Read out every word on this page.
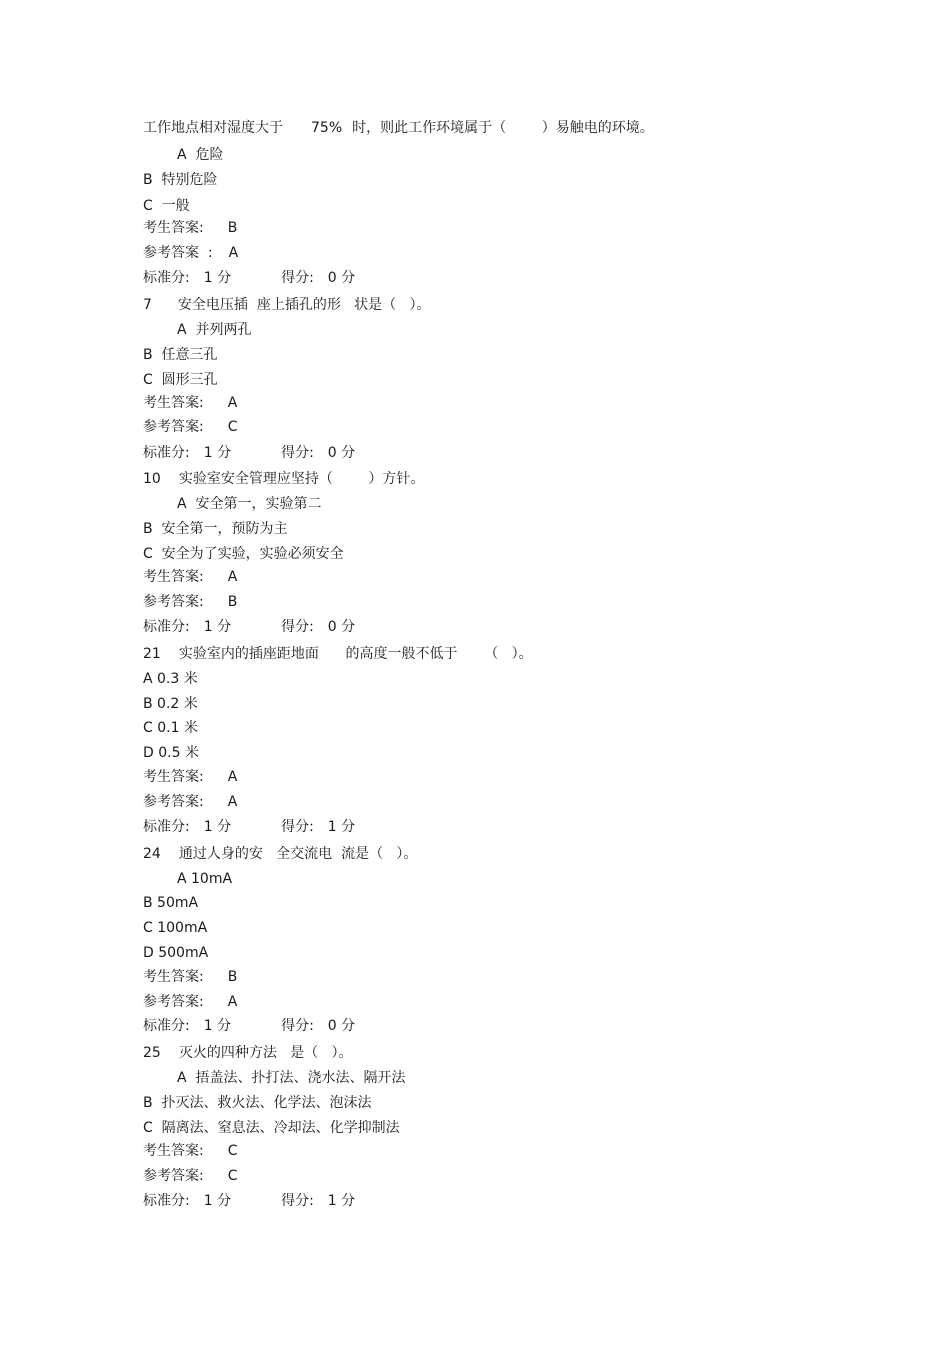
工作地点相对湿度大于 75% 时，则此工作环境属于（        ）易触电的环境。
A  危险
B  特别危险
C  一般
考生答案: B
参考答案  : A
标准分: 1 分	得分: 0 分
7 安全电压插  座上插孔的形   状是（   ）。
A  并列两孔
B  任意三孔
C  圆形三孔
考生答案: A
参考答案: C
标准分: 1 分	得分: 0 分
10 实验室安全管理应坚持（        ）方针。
A  安全第一，实验第二
B  安全第一，预防为主
C  安全为了实验，实验必须安全
考生答案: A
参考答案: B
标准分: 1 分	得分: 0 分
21 实验室内的插座距地面      的高度一般不低于      （   ）。
A 0.3 米
B 0.2 米
C 0.1 米
D 0.5 米
考生答案: A
参考答案: A
标准分: 1 分	得分: 1 分
24 通过人身的安   全交流电  流是（   ）。
A 10mA
B 50mA
C 100mA
D 500mA
考生答案: B
参考答案: A
标准分: 1 分	得分: 0 分
25 灭火的四种方法   是（   ）。
A  捂盖法、扑打法、浇水法、隔开法
B  扑灭法、救火法、化学法、泡沫法
C  隔离法、窒息法、冷却法、化学抑制法
考生答案: C
参考答案: C
标准分: 1 分	得分: 1 分
